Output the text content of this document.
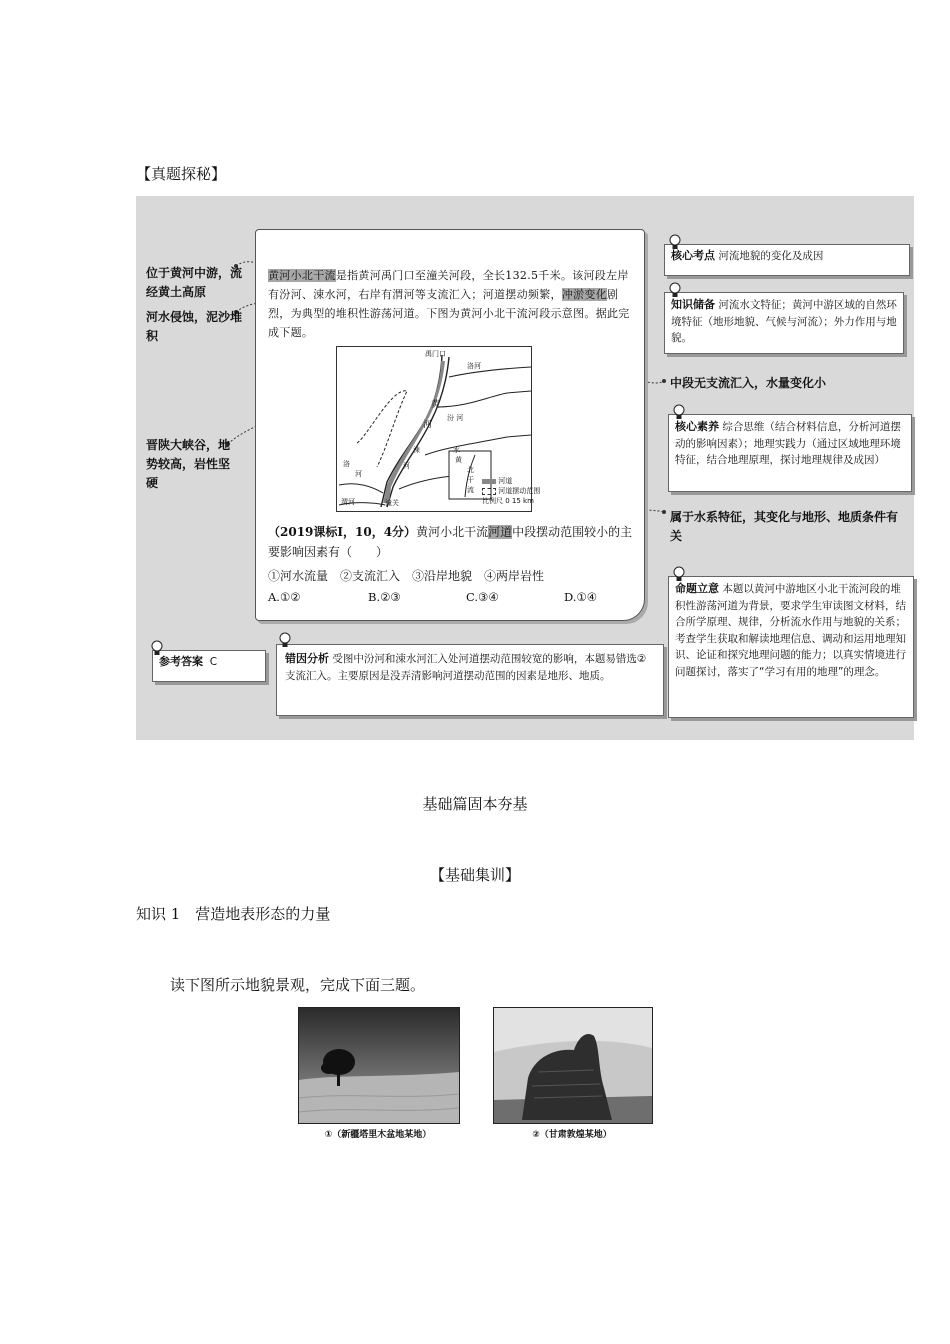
【真题探秘】
位于黄河中游，流经黄土高原
河水侵蚀，泥沙堆积
晋陕大峡谷，地势较高，岩性坚硬
中段无支流汇入，水量变化小
属于水系特征，其变化与地形、地质条件有关
黄河小北干流是指黄河禹门口至潼关河段，全长132.5千米。该河段左岸有汾河、涑水河，右岸有渭河等支流汇入；河道摆动频繁，冲淤变化剧烈，为典型的堆积性游荡河道。下图为黄河小北干流河段示意图。据此完成下题。
禹门口
洛河
黄
河
汾 河
涑	水
河
洛
河
渭河	潼关
黄
北
干
流
河道
河道摆动范围
比例尺 0 15 km
（2019课标Ⅰ，10，4分）黄河小北干流河道中段摆动范围较小的主要影响因素有（　　）
①河水流量　②支流汇入　③沿岸地貌　④两岸岩性
A.①②	B.②③	C.③④	D.①④
核心考点 河流地貌的变化及成因
知识储备 河流水文特征；黄河中游区域的自然环境特征（地形地貌、气候与河流）；外力作用与地貌。
核心素养 综合思维（结合材料信息，分析河道摆动的影响因素）；地理实践力（通过区域地理环境特征，结合地理原理，探讨地理规律及成因）
命题立意 本题以黄河中游地区小北干流河段的堆积性游荡河道为背景，要求学生审读图文材料，结合所学原理、规律，分析流水作用与地貌的关系；考查学生获取和解读地理信息、调动和运用地理知识、论证和探究地理问题的能力；以真实情境进行问题探讨，落实了“学习有用的地理”的理念。
参考答案 C	错因分析 受图中汾河和涑水河汇入处河道摆动范围较宽的影响，本题易错选②支流汇入。主要原因是没弄清影响河道摆动范围的因素是地形、地质。
基础篇固本夯基
【基础集训】
知识 1　营造地表形态的力量
读下图所示地貌景观，完成下面三题。
①（新疆塔里木盆地某地）	②（甘肃敦煌某地）
